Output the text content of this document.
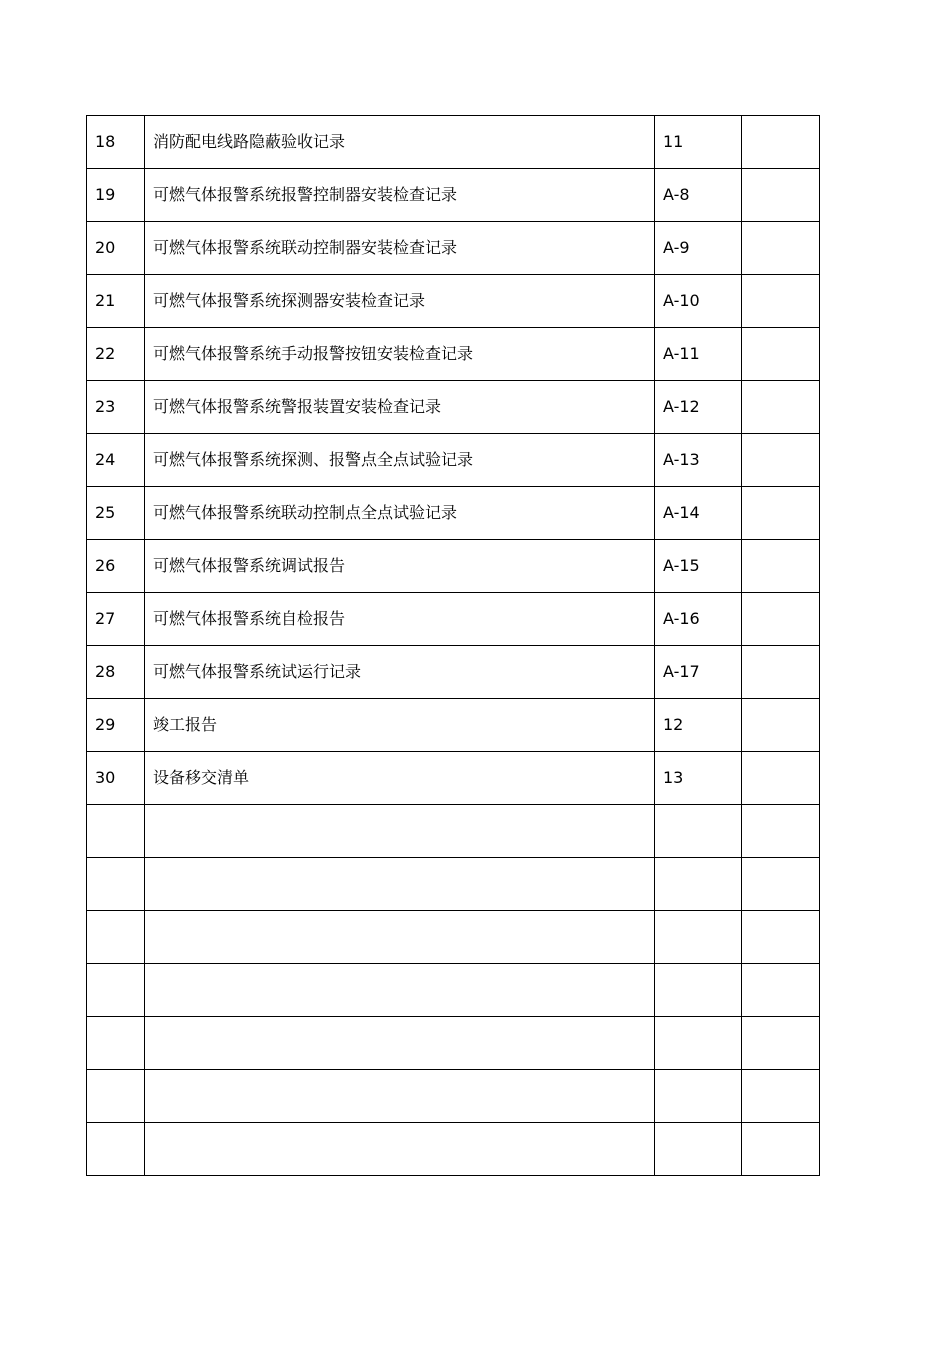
18	消防配电线路隐蔽验收记录	11	
19	可燃气体报警系统报警控制器安装检查记录	A-8	
20	可燃气体报警系统联动控制器安装检查记录	A-9	
21	可燃气体报警系统探测器安装检查记录	A-10	
22	可燃气体报警系统手动报警按钮安装检查记录	A-11	
23	可燃气体报警系统警报装置安装检查记录	A-12	
24	可燃气体报警系统探测、报警点全点试验记录	A-13	
25	可燃气体报警系统联动控制点全点试验记录	A-14	
26	可燃气体报警系统调试报告	A-15	
27	可燃气体报警系统自检报告	A-16	
28	可燃气体报警系统试运行记录	A-17	
29	竣工报告	12	
30	设备移交清单	13	
